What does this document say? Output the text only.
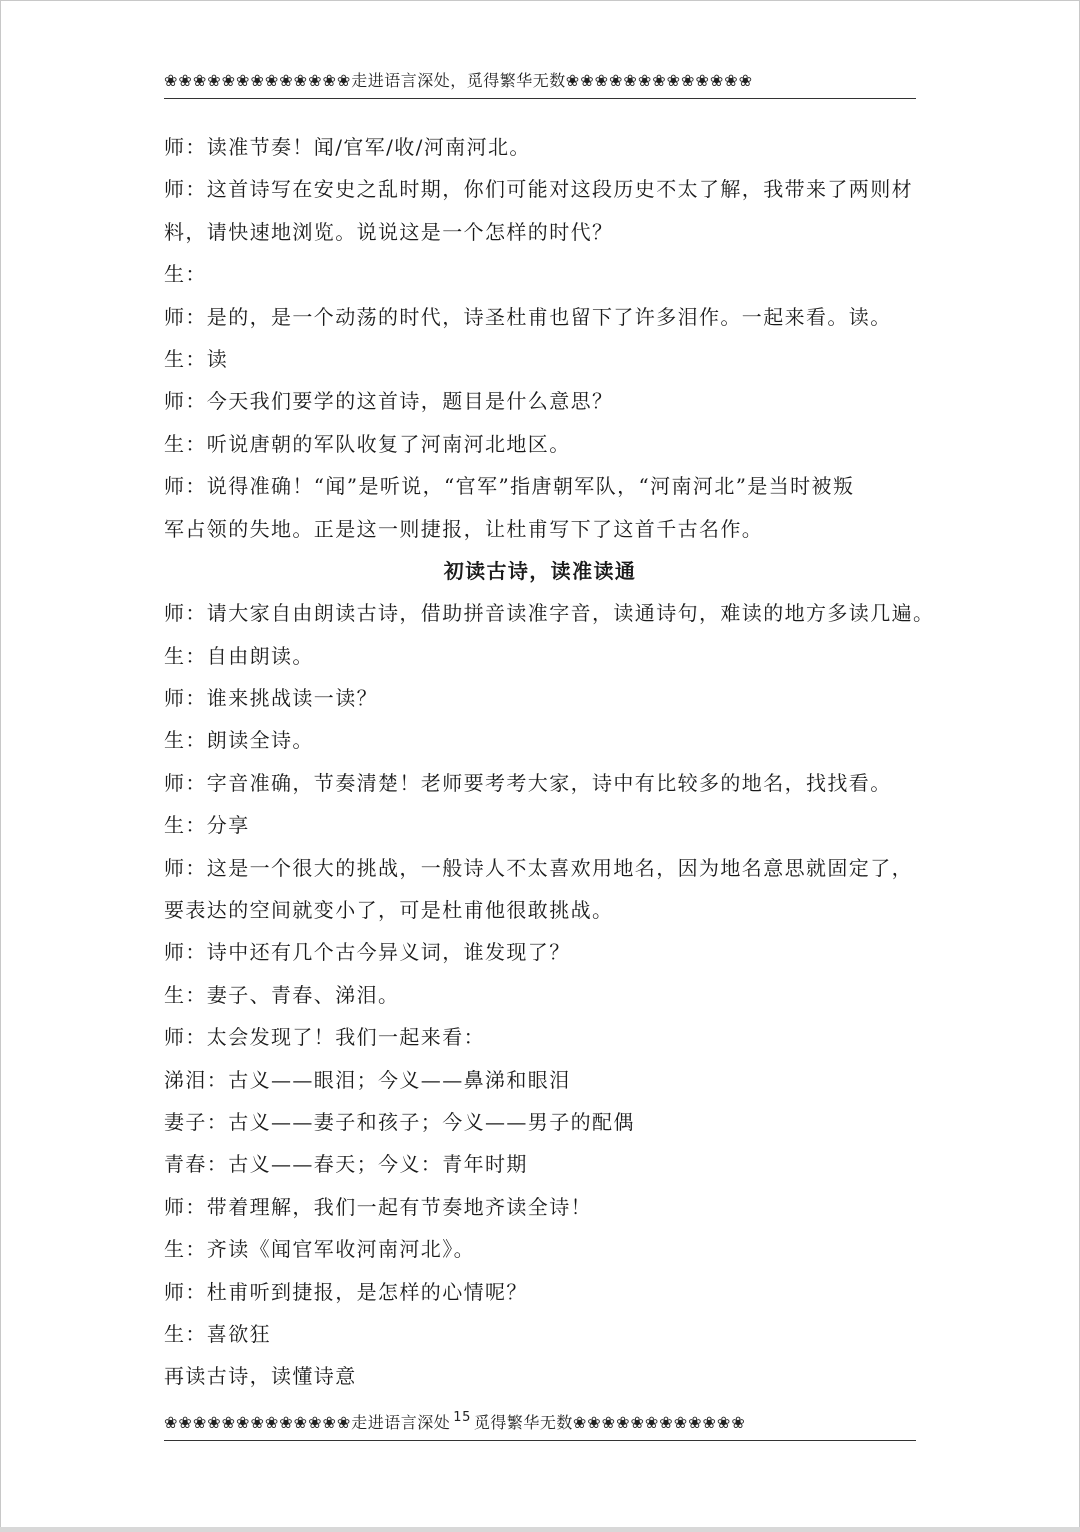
❀❀❀❀❀❀❀❀❀❀❀❀❀走进语言深处，觅得繁华无数❀❀❀❀❀❀❀❀❀❀❀❀❀
师：读准节奏！闻/官军/收/河南河北。
师：这首诗写在安史之乱时期，你们可能对这段历史不太了解，我带来了两则材
料，请快速地浏览。说说这是一个怎样的时代？
生：
师：是的，是一个动荡的时代，诗圣杜甫也留下了许多泪作。一起来看。读。
生：读
师：今天我们要学的这首诗，题目是什么意思？
生：听说唐朝的军队收复了河南河北地区。
师：说得准确！“闻”是听说，“官军”指唐朝军队，“河南河北”是当时被叛
军占领的失地。正是这一则捷报，让杜甫写下了这首千古名作。
初读古诗，读准读通
师：请大家自由朗读古诗，借助拼音读准字音，读通诗句，难读的地方多读几遍。
生：自由朗读。
师：谁来挑战读一读？
生：朗读全诗。
师：字音准确，节奏清楚！老师要考考大家，诗中有比较多的地名，找找看。
生：分享
师：这是一个很大的挑战，一般诗人不太喜欢用地名，因为地名意思就固定了，
要表达的空间就变小了，可是杜甫他很敢挑战。
师：诗中还有几个古今异义词，谁发现了？
生：妻子、青春、涕泪。
师：太会发现了！我们一起来看：
涕泪：古义——眼泪；今义——鼻涕和眼泪
妻子：古义——妻子和孩子；今义——男子的配偶
青春：古义——春天；今义：青年时期
师：带着理解，我们一起有节奏地齐读全诗！
生：齐读《闻官军收河南河北》。
师：杜甫听到捷报，是怎样的心情呢？
生：喜欲狂
再读古诗，读懂诗意
❀❀❀❀❀❀❀❀❀❀❀❀❀走进语言深处 $^{15}$ 觅得繁华无数❀❀❀❀❀❀❀❀❀❀❀❀
